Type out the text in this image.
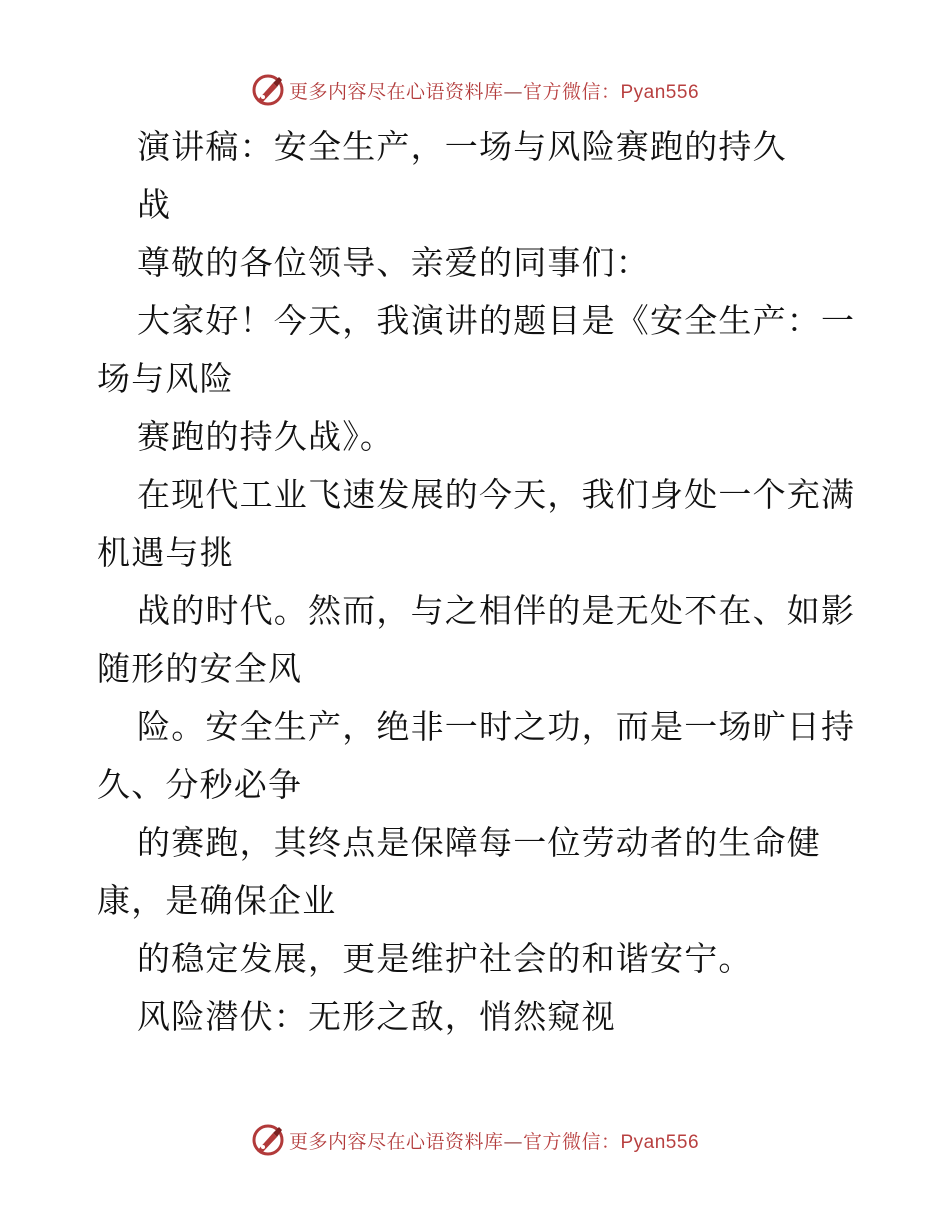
更多内容尽在心语资料库—官方微信：Pyan556
演讲稿：安全生产，一场与风险赛跑的持久
战
尊敬的各位领导、亲爱的同事们：
大家好！今天，我演讲的题目是《安全生产：一
场与风险
赛跑的持久战》。
在现代工业飞速发展的今天，我们身处一个充满
机遇与挑
战的时代。然而，与之相伴的是无处不在、如影
随形的安全风
险。安全生产，绝非一时之功，而是一场旷日持
久、分秒必争
的赛跑，其终点是保障每一位劳动者的生命健
康，是确保企业
的稳定发展，更是维护社会的和谐安宁。
风险潜伏：无形之敌，悄然窥视
更多内容尽在心语资料库—官方微信：Pyan556
